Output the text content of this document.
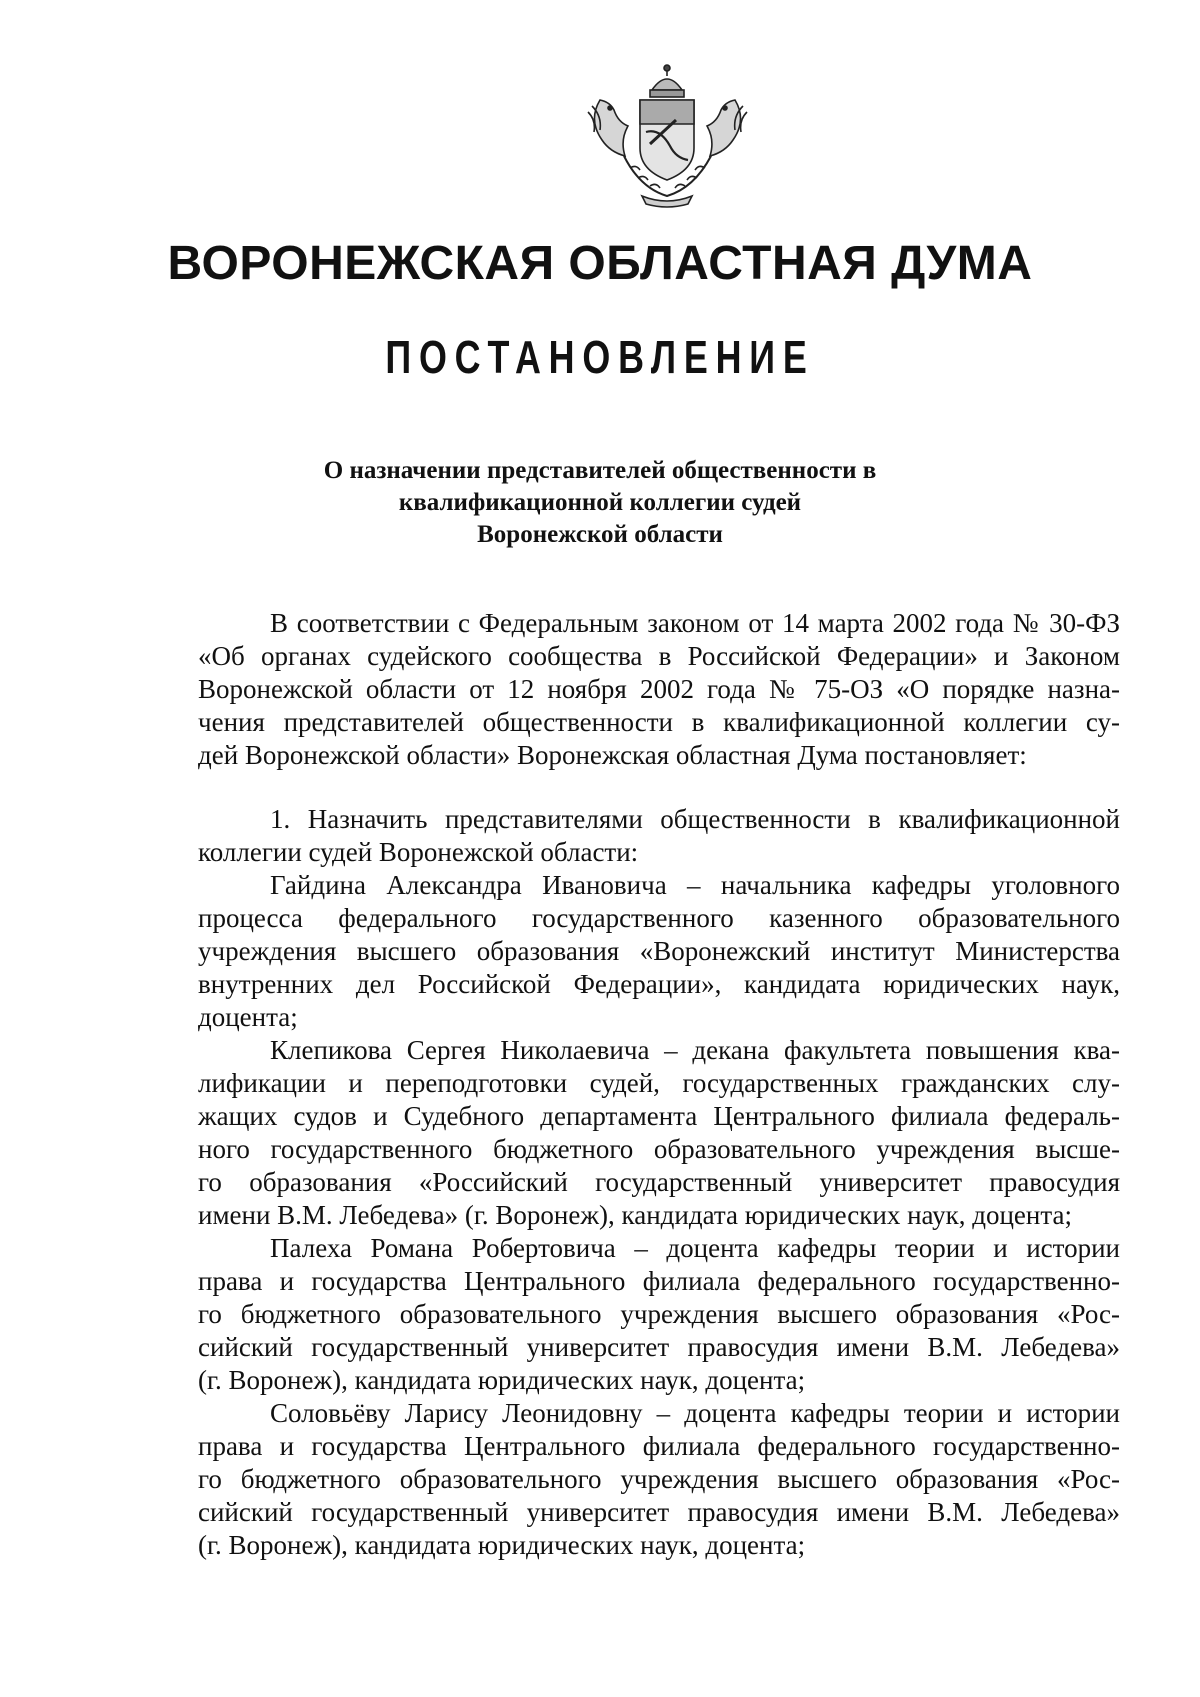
ВОРОНЕЖСКАЯ ОБЛАСТНАЯ ДУМА
ПОСТАНОВЛЕНИЕ
О назначении представителей общественности в
квалификационной коллегии судей
Воронежской области
В соответствии с Федеральным законом от 14 марта 2002 года № 30-ФЗ
«Об органах судейского сообщества в Российской Федерации» и Законом
Воронежской области от 12 ноября 2002 года № 75-ОЗ «О порядке назна-
чения представителей общественности в квалификационной коллегии су-
дей Воронежской области» Воронежская областная Дума постановляет:
1. Назначить представителями общественности в квалификационной
коллегии судей Воронежской области:
Гайдина Александра Ивановича – начальника кафедры уголовного
процесса федерального государственного казенного образовательного
учреждения высшего образования «Воронежский институт Министерства
внутренних дел Российской Федерации», кандидата юридических наук,
доцента;
Клепикова Сергея Николаевича – декана факультета повышения ква-
лификации и переподготовки судей, государственных гражданских слу-
жащих судов и Судебного департамента Центрального филиала федераль-
ного государственного бюджетного образовательного учреждения высше-
го образования «Российский государственный университет правосудия
имени В.М. Лебедева» (г. Воронеж), кандидата юридических наук, доцента;
Палеха Романа Робертовича – доцента кафедры теории и истории
права и государства Центрального филиала федерального государственно-
го бюджетного образовательного учреждения высшего образования «Рос-
сийский государственный университет правосудия имени В.М. Лебедева»
(г. Воронеж), кандидата юридических наук, доцента;
Соловьёву Ларису Леонидовну – доцента кафедры теории и истории
права и государства Центрального филиала федерального государственно-
го бюджетного образовательного учреждения высшего образования «Рос-
сийский государственный университет правосудия имени В.М. Лебедева»
(г. Воронеж), кандидата юридических наук, доцента;
